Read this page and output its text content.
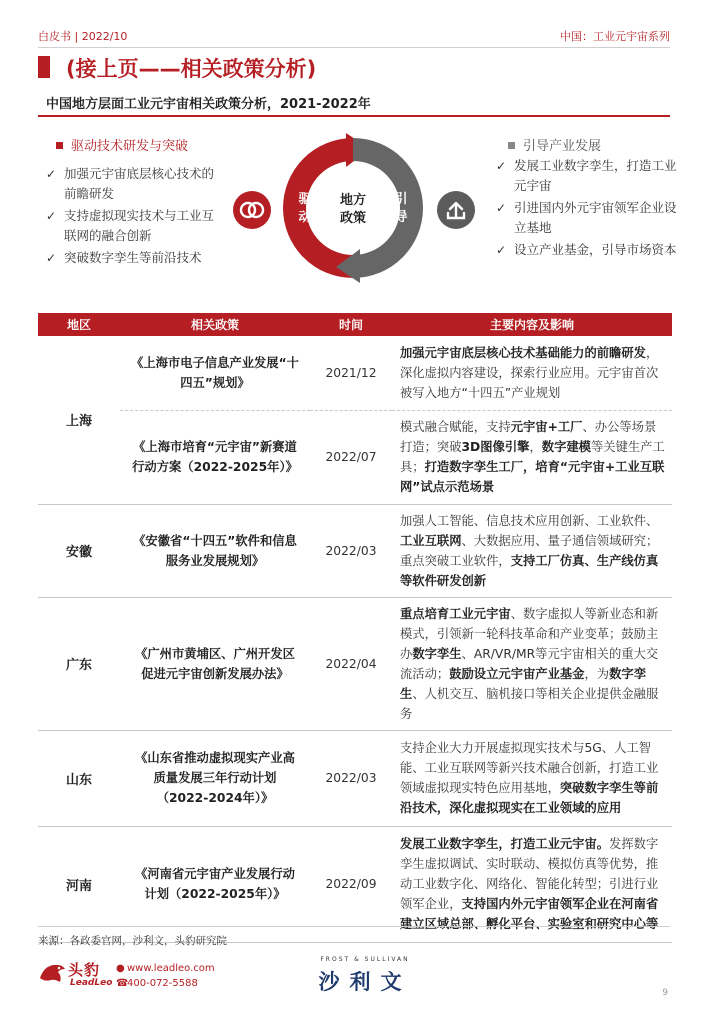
白皮书 | 2022/10	中国：工业元宇宙系列
(接上页——相关政策分析)
中国地方层面工业元宇宙相关政策分析，2021-2022年
驱动技术研发与突破
✓ 加强元宇宙底层核心技术的前瞻研发
✓ 支持虚拟现实技术与工业互联网的融合创新
✓ 突破数字孪生等前沿技术
引导产业发展
✓ 发展工业数字孪生，打造工业元宇宙
✓ 引进国内外元宇宙领军企业设立基地
✓ 设立产业基金，引导市场资本
驱
动
引
导
地方
政策
地区	相关政策	时间	主要内容及影响
上海	《上海市电子信息产业发展“十四五”规划》	2021/12	加强元宇宙底层核心技术基础能力的前瞻研发，深化虚拟内容建设，探索行业应用。元宇宙首次被写入地方“十四五”产业规划
	《上海市培育“元宇宙”新赛道行动方案（2022-2025年）》	2022/07	模式融合赋能，支持元宇宙+工厂、办公等场景打造；突破3D图像引擎，数字建模等关键生产工具；打造数字孪生工厂，培育“元宇宙+工业互联网”试点示范场景
安徽	《安徽省“十四五”软件和信息服务业发展规划》	2022/03	加强人工智能、信息技术应用创新、工业软件、工业互联网、大数据应用、量子通信领域研究；重点突破工业软件，支持工厂仿真、生产线仿真等软件研发创新
广东	《广州市黄埔区、广州开发区促进元宇宙创新发展办法》	2022/04	重点培育工业元宇宙、数字虚拟人等新业态和新模式，引领新一轮科技革命和产业变革；鼓励主办数字孪生、AR/VR/MR等元宇宙相关的重大交流活动；鼓励设立元宇宙产业基金，为数字孪生、人机交互、脑机接口等相关企业提供金融服务
山东	《山东省推动虚拟现实产业高质量发展三年行动计划（2022-2024年）》	2022/03	支持企业大力开展虚拟现实技术与5G、人工智能、工业互联网等新兴技术融合创新，打造工业领域虚拟现实特色应用基地，突破数字孪生等前沿技术，深化虚拟现实在工业领域的应用
河南	《河南省元宇宙产业发展行动计划（2022-2025年）》	2022/09	发展工业数字孪生，打造工业元宇宙。发挥数字孪生虚拟调试、实时联动、模拟仿真等优势，推动工业数字化、网络化、智能化转型；引进行业领军企业，支持国内外元宇宙领军企业在河南省建立区域总部、孵化平台、实验室和研究中心等
来源：各政委官网，沙利文，头豹研究院
头豹
LeadLeo
● www.leadleo.com
☎400-072-5588
FROST & SULLIVAN
沙利文	9
